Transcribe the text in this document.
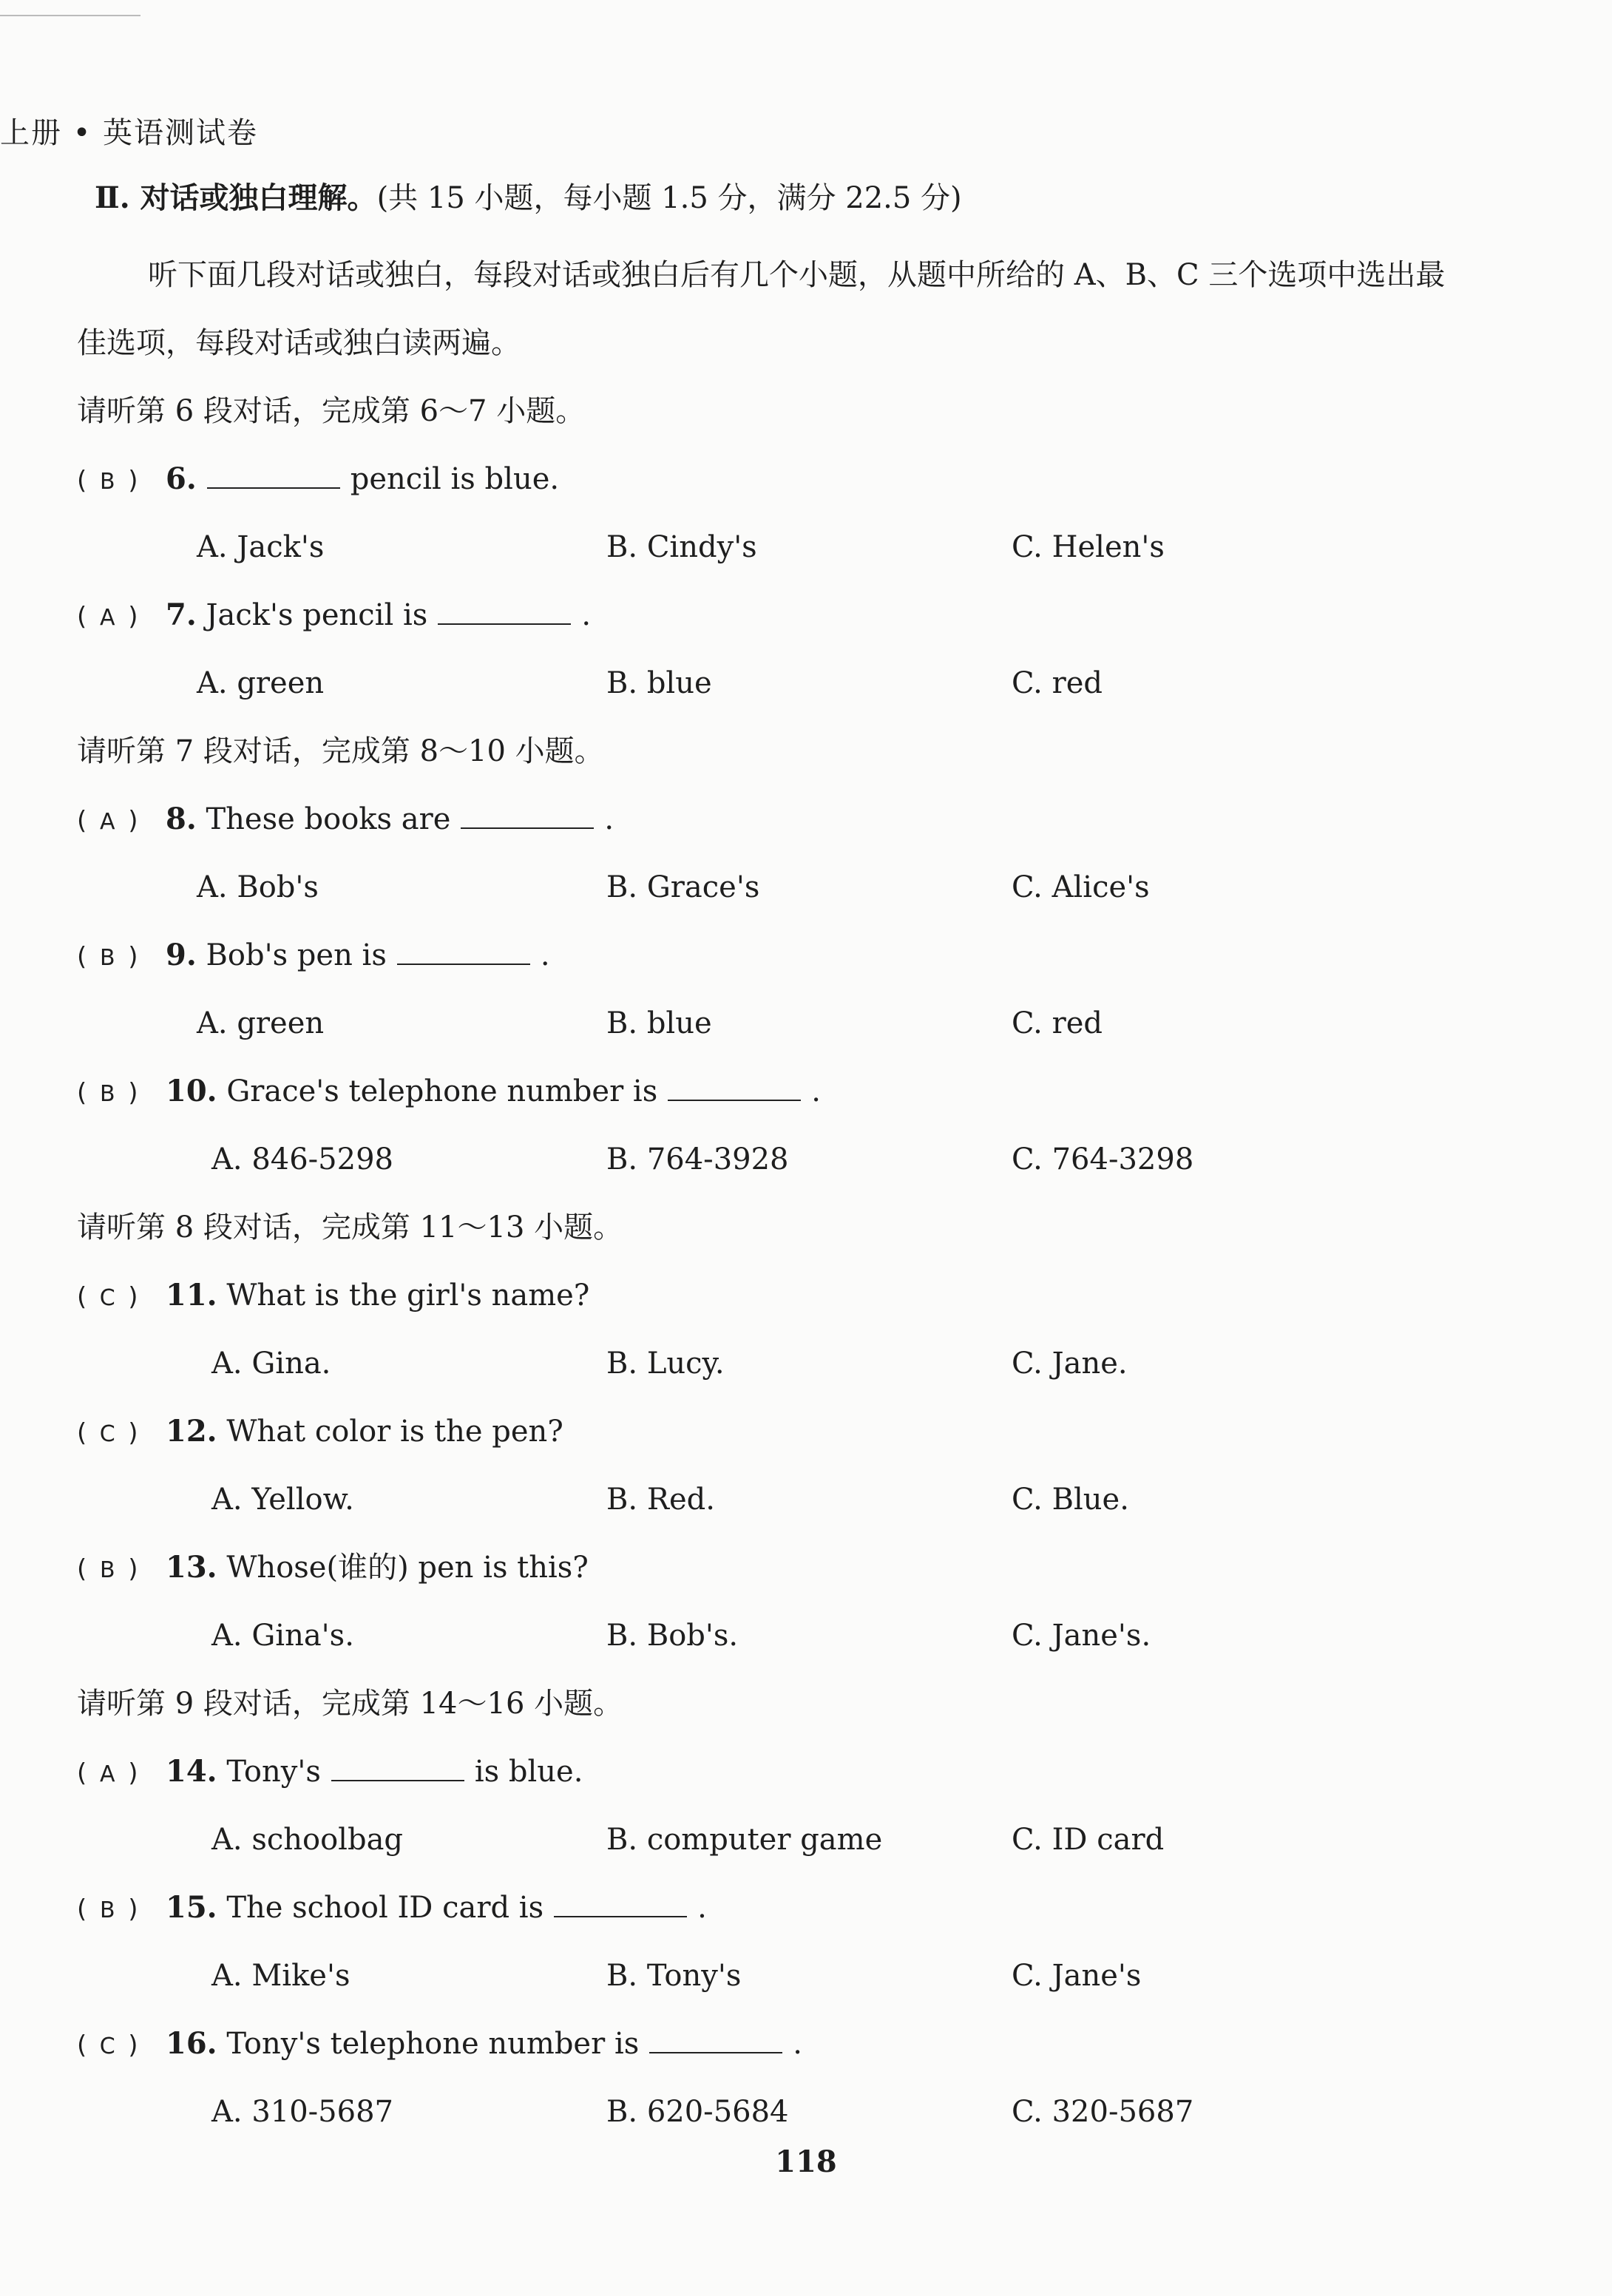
上册 • 英语测试卷
Ⅱ. 对话或独白理解。(共 15 小题，每小题 1.5 分，满分 22.5 分)
听下面几段对话或独白，每段对话或独白后有几个小题，从题中所给的 A、B、C 三个选项中选出最佳选项，每段对话或独白读两遍。
请听第 6 段对话，完成第 6～7 小题。
( B ) 6.	pencil is blue.
A. Jack's	B. Cindy's	C. Helen's
( A ) 7. Jack's pencil is	.
A. green	B. blue	C. red
请听第 7 段对话，完成第 8～10 小题。
( A ) 8. These books are	.
A. Bob's	B. Grace's	C. Alice's
( B ) 9. Bob's pen is	.
A. green	B. blue	C. red
( B ) 10. Grace's telephone number is	.
A. 846-5298	B. 764-3928	C. 764-3298
请听第 8 段对话，完成第 11～13 小题。
( C ) 11. What is the girl's name?
A. Gina.	B. Lucy.	C. Jane.
( C ) 12. What color is the pen?
A. Yellow.	B. Red.	C. Blue.
( B ) 13. Whose(谁的) pen is this?
A. Gina's.	B. Bob's.	C. Jane's.
请听第 9 段对话，完成第 14～16 小题。
( A ) 14. Tony's	is blue.
A. schoolbag	B. computer game	C. ID card
( B ) 15. The school ID card is	.
A. Mike's	B. Tony's	C. Jane's
( C ) 16. Tony's telephone number is	.
A. 310-5687	B. 620-5684	C. 320-5687
118
